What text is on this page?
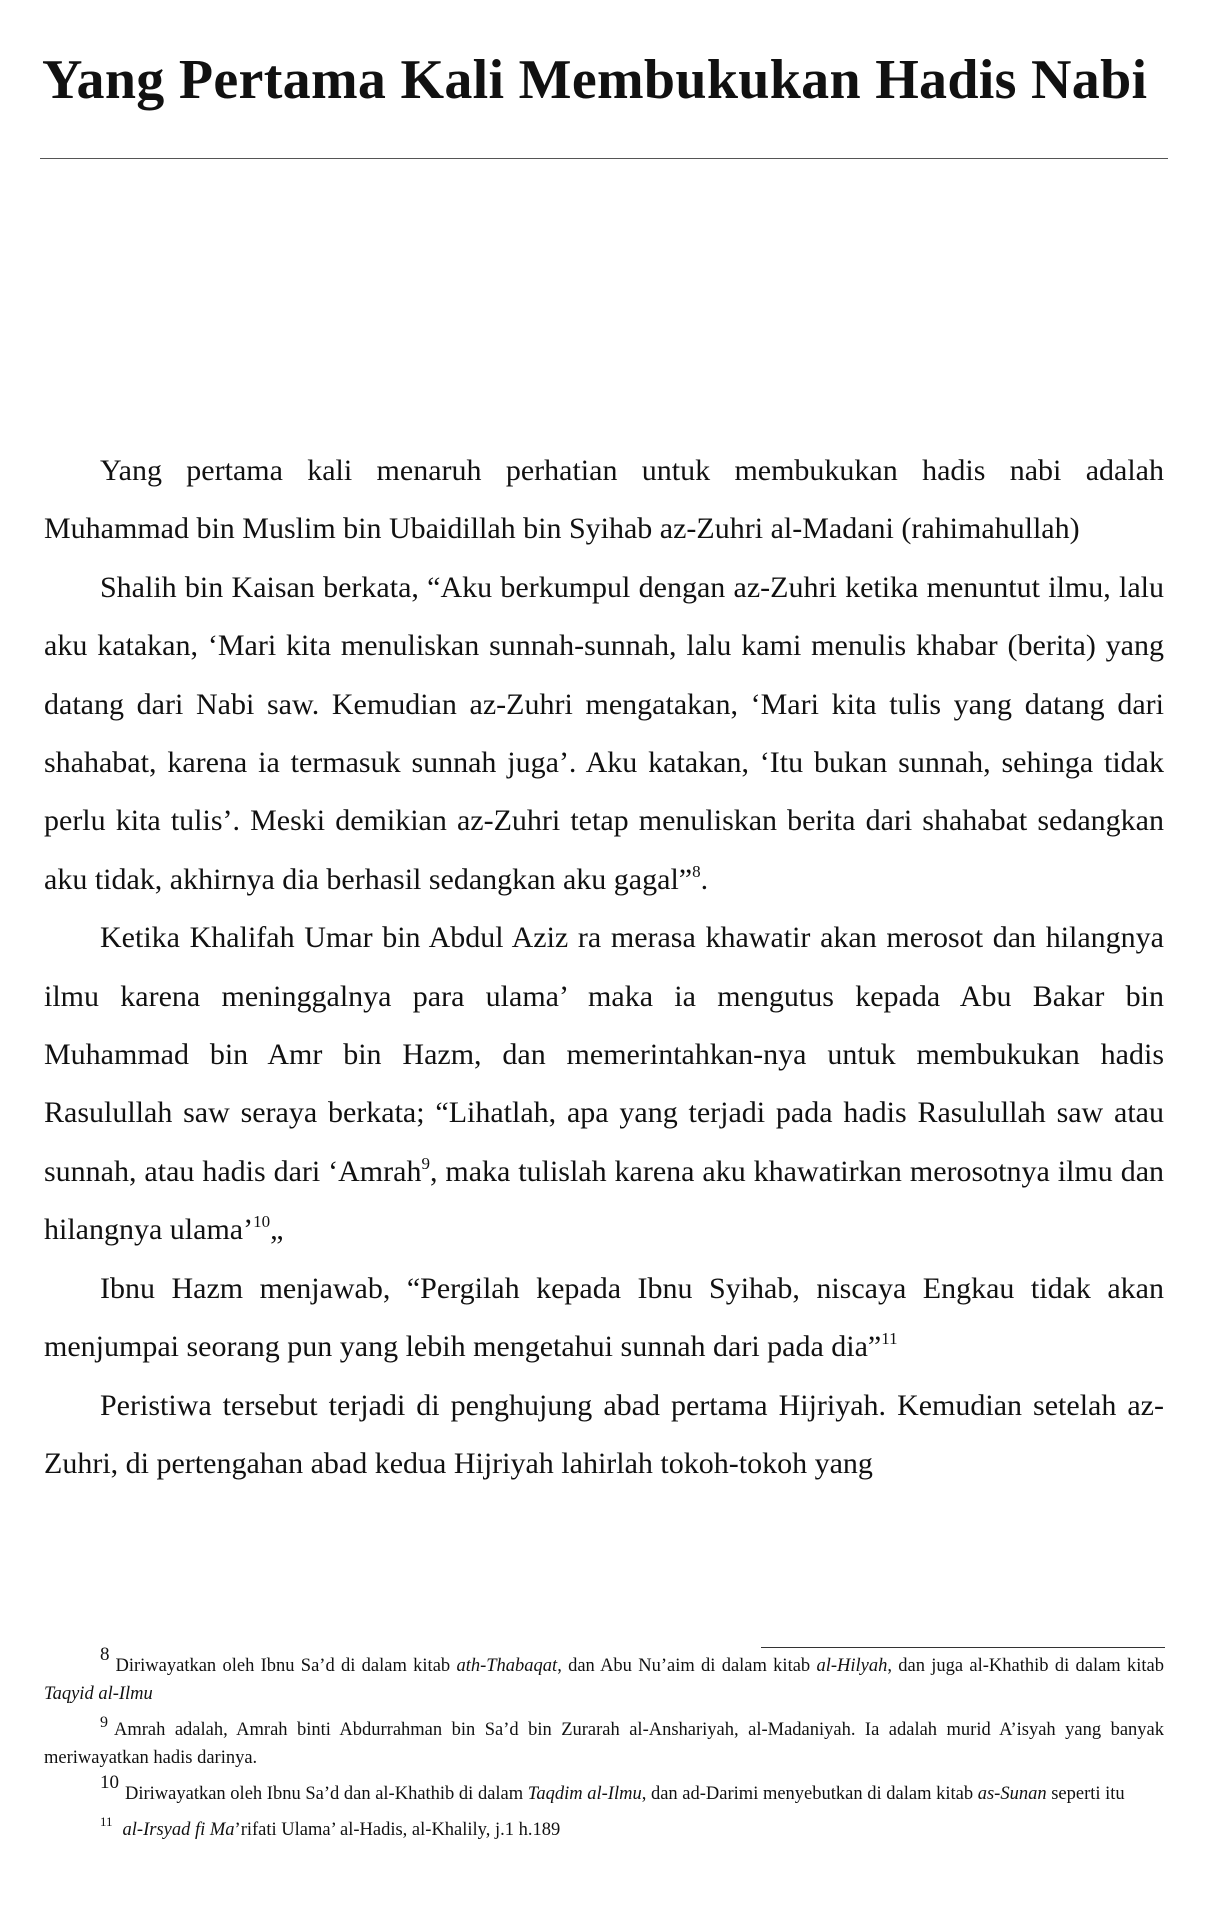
Yang Pertama Kali Membukukan Hadis Nabi

Yang pertama kali menaruh perhatian untuk membukukan hadis nabi adalah Muhammad bin Muslim bin Ubaidillah bin Syihab az-Zuhri al-Madani (rahimahullah)

Shalih bin Kaisan berkata, “Aku berkumpul dengan az-Zuhri ketika menuntut ilmu, lalu aku katakan, ‘Mari kita menuliskan sunnah-sunnah, lalu kami menulis khabar (berita) yang datang dari Nabi saw. Kemudian az-Zuhri mengatakan, ‘Mari kita tulis yang datang dari shahabat, karena ia termasuk sunnah juga’. Aku katakan, ‘Itu bukan sunnah, sehinga tidak perlu kita tulis’. Meski demikian az-Zuhri tetap menuliskan berita dari shahabat sedangkan aku tidak, akhirnya dia berhasil sedangkan aku gagal”$^8$.

Ketika Khalifah Umar bin Abdul Aziz ra merasa khawatir akan merosot dan hilangnya ilmu karena meninggalnya para ulama’ maka ia mengutus kepada Abu Bakar bin Muhammad bin Amr bin Hazm, dan memerintahkan-nya untuk membukukan hadis Rasulullah saw seraya berkata; “Lihatlah, apa yang terjadi pada hadis Rasulullah saw atau sunnah, atau hadis dari ‘Amrah$^9$, maka tulislah karena aku khawatirkan merosotnya ilmu dan hilangnya ulama’$^{10}$„

Ibnu Hazm menjawab, “Pergilah kepada Ibnu Syihab, niscaya Engkau tidak akan menjumpai seorang pun yang lebih mengetahui sunnah dari pada dia”$^{11}$

Peristiwa tersebut terjadi di penghujung abad pertama Hijriyah. Kemudian setelah az-Zuhri, di pertengahan abad kedua Hijriyah lahirlah tokoh-tokoh yang

8Diriwayatkan oleh Ibnu Sa’d di dalam kitab ath-Thabaqat, dan Abu Nu’aim di dalam kitab al-Hilyah, dan juga al-Khathib di dalam kitab Taqyid al-Ilmu

9 Amrah adalah, Amrah binti Abdurrahman bin Sa’d bin Zurarah al-Anshariyah, al-Madaniyah. Ia adalah murid A’isyah yang banyak meriwayatkan hadis darinya.

10Diriwayatkan oleh Ibnu Sa’d dan al-Khathib di dalam Taqdim al-Ilmu, dan ad-Darimi menyebutkan di dalam kitab as-Sunan seperti itu

$^{11}$ al-Irsyad fi Ma’rifati Ulama’ al-Hadis, al-Khalily, j.1 h.189
